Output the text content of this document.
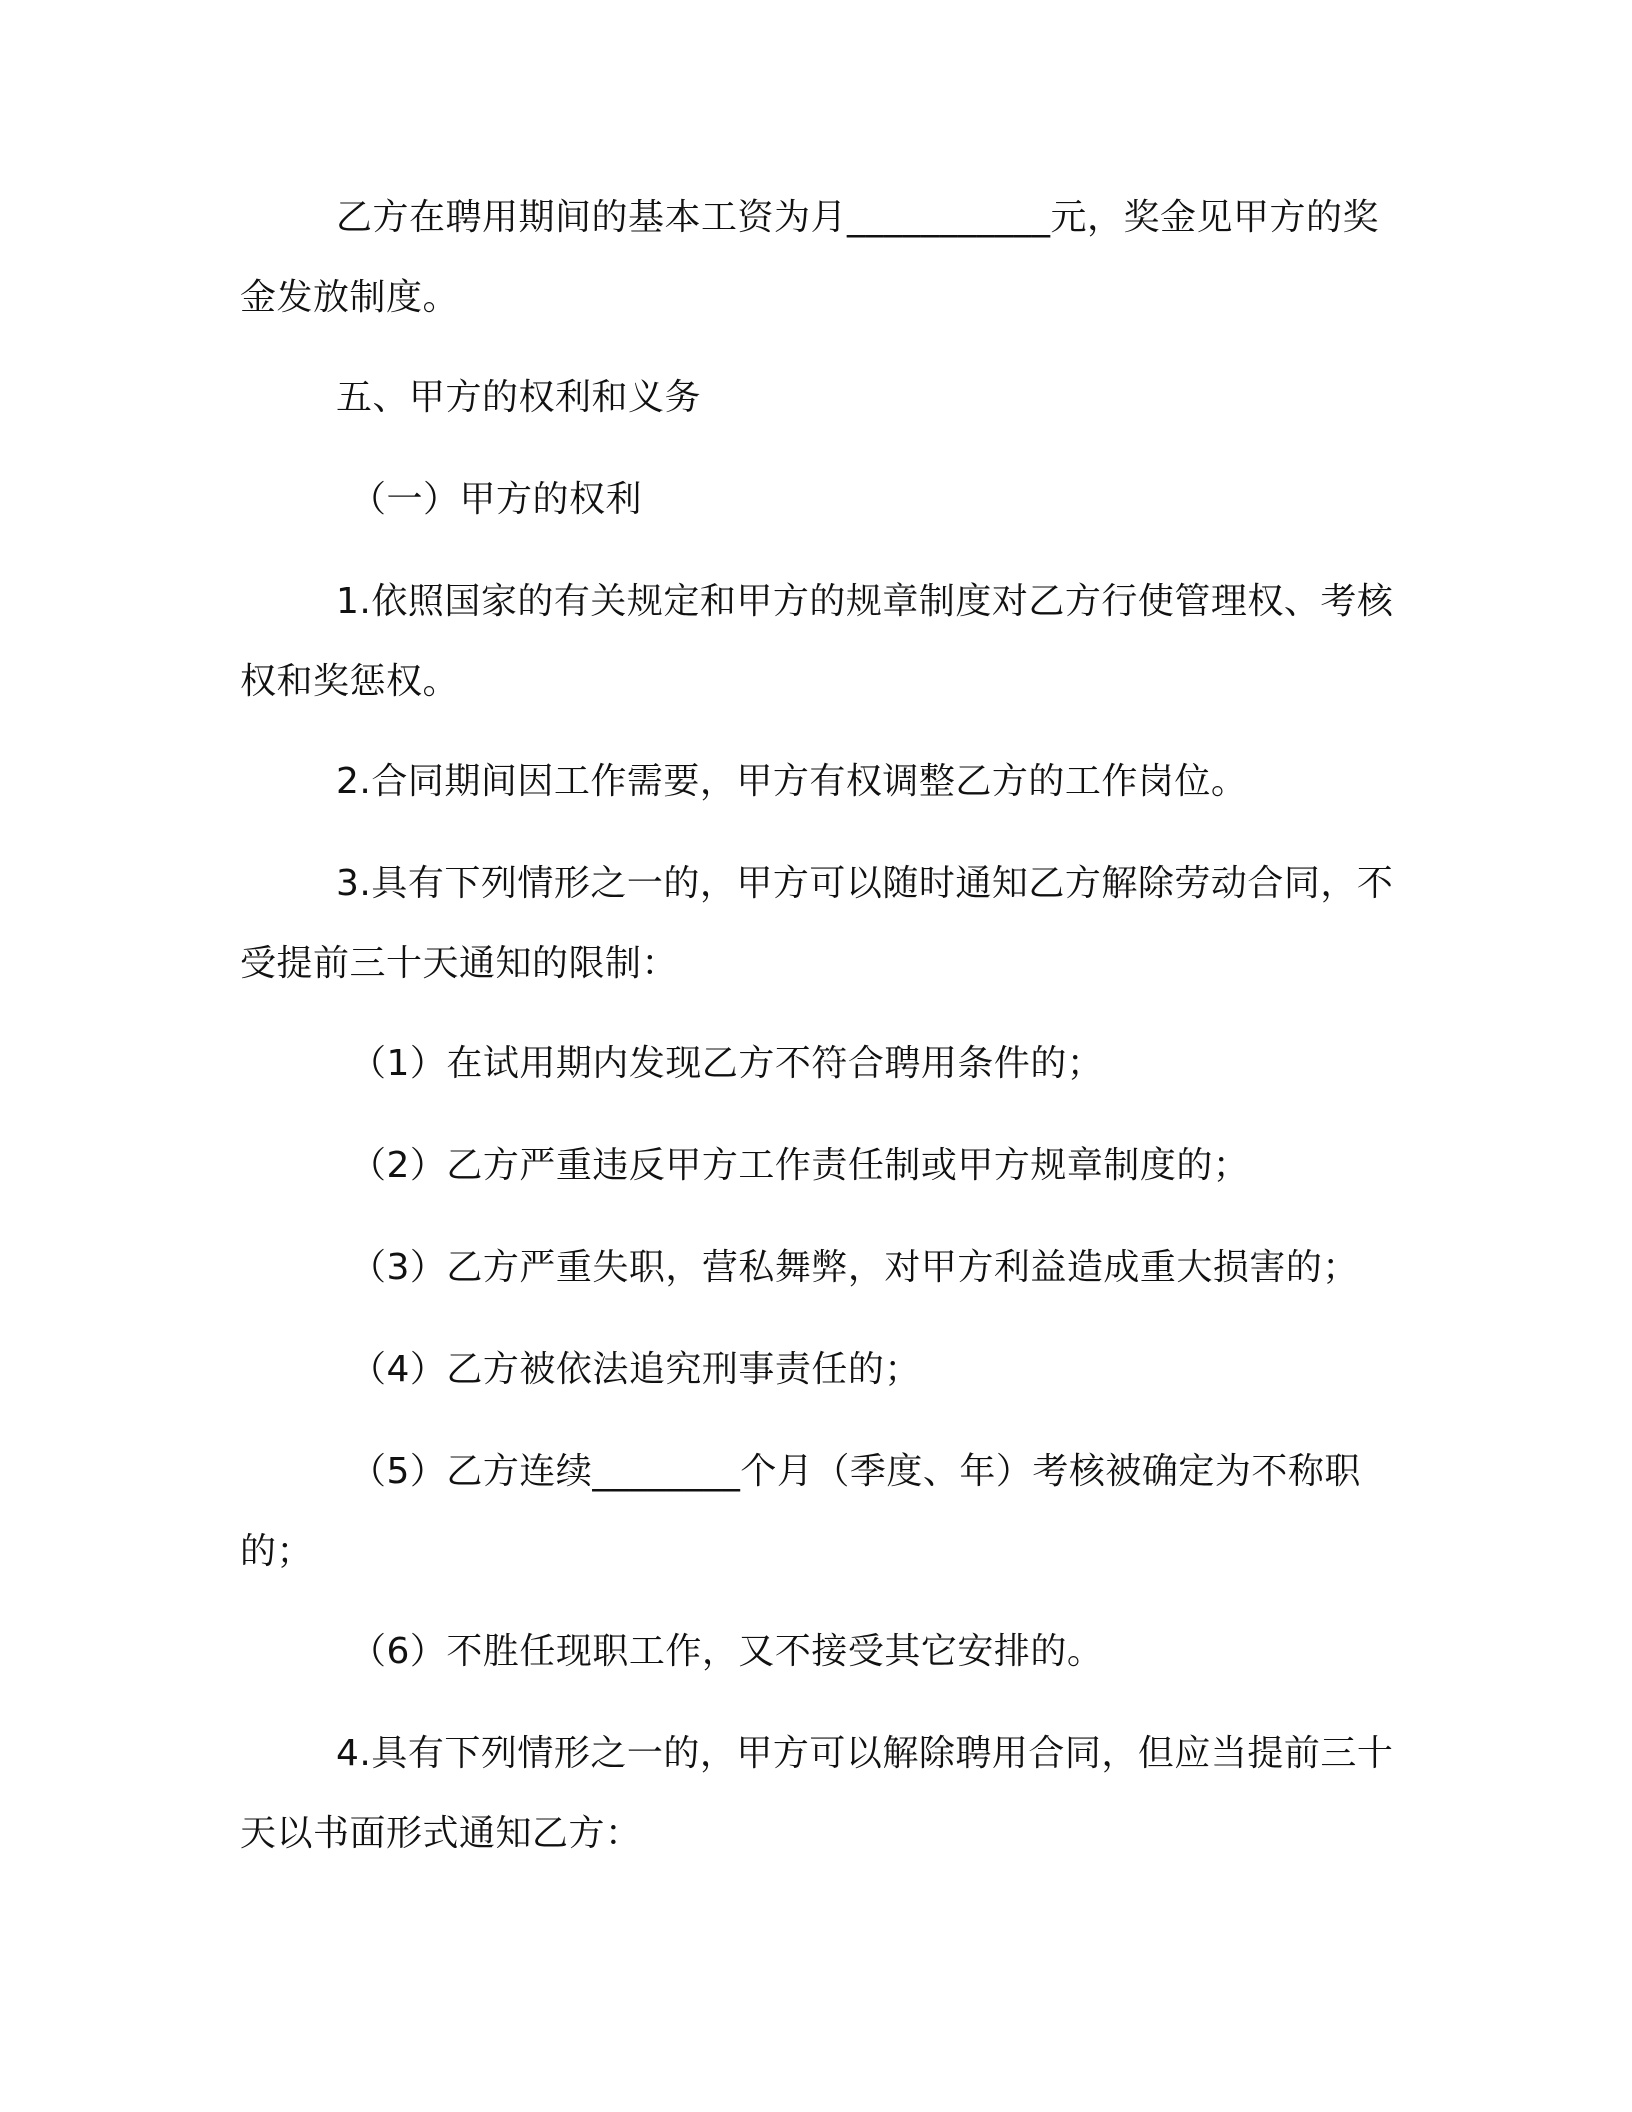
乙方在聘用期间的基本工资为月___________元，奖金见甲方的奖金发放制度。

五、甲方的权利和义务

（一）甲方的权利

1.依照国家的有关规定和甲方的规章制度对乙方行使管理权、考核权和奖惩权。

2.合同期间因工作需要，甲方有权调整乙方的工作岗位。

3.具有下列情形之一的，甲方可以随时通知乙方解除劳动合同，不受提前三十天通知的限制：

（1）在试用期内发现乙方不符合聘用条件的；

（2）乙方严重违反甲方工作责任制或甲方规章制度的；

（3）乙方严重失职，营私舞弊，对甲方利益造成重大损害的；

（4）乙方被依法追究刑事责任的；

（5）乙方连续________个月（季度、年）考核被确定为不称职的；

（6）不胜任现职工作，又不接受其它安排的。

4.具有下列情形之一的，甲方可以解除聘用合同，但应当提前三十天以书面形式通知乙方：
